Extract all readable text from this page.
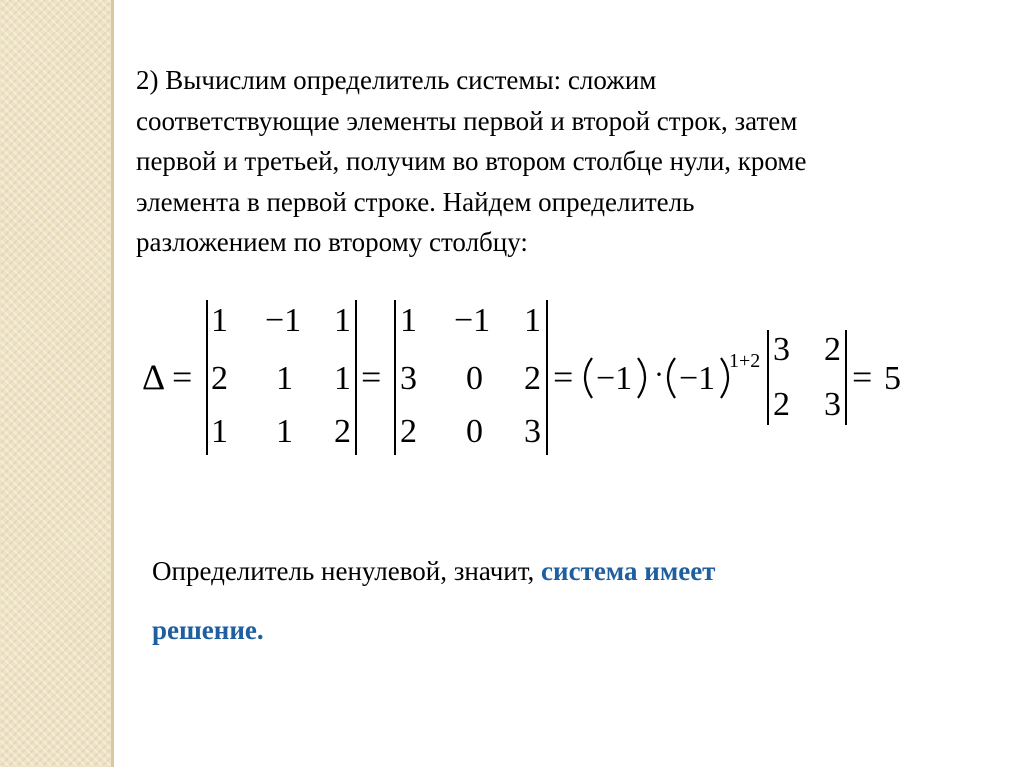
2) Вычислим определитель системы: сложим
соответствующие элементы первой и второй строк, затем
первой и третьей, получим во втором столбце нули, кроме
элемента в первой строке. Найдем определитель
разложением по второму столбцу:
Δ =
1 −1 1
2 1 1
1 1 2
=
1 −1 1
3 0 2
2 0 3
= −1 · −1 1+2 3 2
2 3
= 5
Определитель ненулевой, значит, система имеет
решение.
